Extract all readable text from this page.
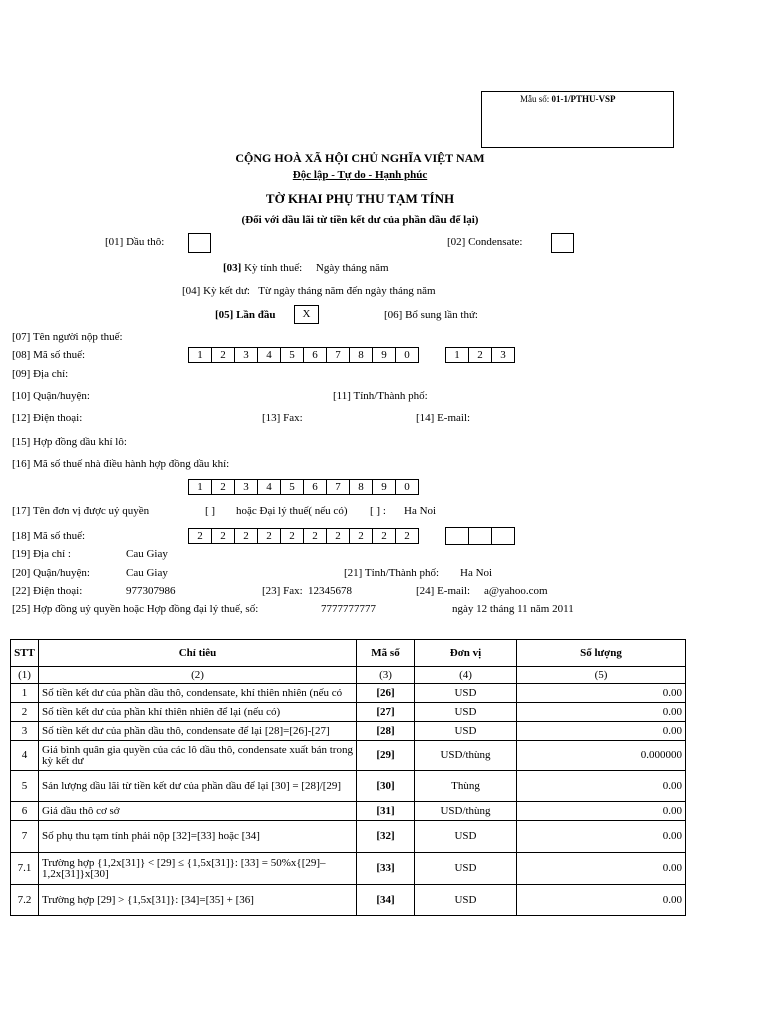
Mẫu số: 01-1/PTHU-VSP
CỘNG HOÀ XÃ HỘI CHỦ NGHĨA VIỆT NAM
Độc lập - Tự do - Hạnh phúc
TỜ KHAI PHỤ THU TẠM TÍNH
(Đối với dầu lãi từ tiền kết dư của phần dầu để lại)
[01] Dầu thô:	[02] Condensate:
[03] Kỳ tính thuế: Ngày tháng năm
[04] Kỳ kết dư: Từ ngày tháng năm đến ngày tháng năm
[05] Lần đầu	X	[06] Bổ sung lần thứ:
[07] Tên người nộp thuế:
[08] Mã số thuế:	1	2	3	4	5	6	7	8	9	0	1	2	3
[09] Địa chỉ:
[10] Quận/huyện:	[11] Tỉnh/Thành phố:
[12] Điện thoại:	[13] Fax:	[14] E-mail:
[15] Hợp đồng dầu khí lô:
[16] Mã số thuế nhà điều hành hợp đồng dầu khí:
1	2	3	4	5	6	7	8	9	0
[17] Tên đơn vị được uỷ quyền	[ ] hoặc Đại lý thuế( nếu có) [ ] : Ha Noi
[18] Mã số thuế:	2	2	2	2	2	2	2	2	2	2
[19] Địa chỉ :	Cau Giay
[20] Quận/huyện:	Cau Giay	[21] Tỉnh/Thành phố: Ha Noi
[22] Điện thoại:	977307986	[23] Fax: 12345678	[24] E-mail: a@yahoo.com
[25] Hợp đồng uỷ quyền hoặc Hợp đồng đại lý thuế, số:	7777777777	ngày 12 tháng 11 năm 2011
STT	Chỉ tiêu	Mã số	Đơn vị	Số lượng
(1)	(2)	(3)	(4)	(5)
1	Số tiền kết dư của phần dầu thô, condensate, khí thiên nhiên (nếu có	[26]	USD	0.00
2	Số tiền kết dư của phần khí thiên nhiên để lại (nếu có)	[27]	USD	0.00
3	Số tiền kết dư của phần dầu thô, condensate để lại [28]=[26]-[27]	[28]	USD	0.00
4	Giá bình quân gia quyền của các lô dầu thô, condensate xuất bán trong kỳ kết dư	[29]	USD/thùng	0.000000
5	Sản lượng dầu lãi từ tiền kết dư của phần dầu để lại [30] = [28]/[29]	[30]	Thùng	0.00
6	Giá dầu thô cơ sở	[31]	USD/thùng	0.00
7	Số phụ thu tạm tính phải nộp [32]=[33] hoặc [34]	[32]	USD	0.00
7.1	Trường hợp {1,2x[31]} < [29] ≤ {1,5x[31]}: [33] = 50%x{[29]–1,2x[31]}x[30]	[33]	USD	0.00
7.2	Trường hợp [29] > {1,5x[31]}: [34]=[35] + [36]	[34]	USD	0.00
